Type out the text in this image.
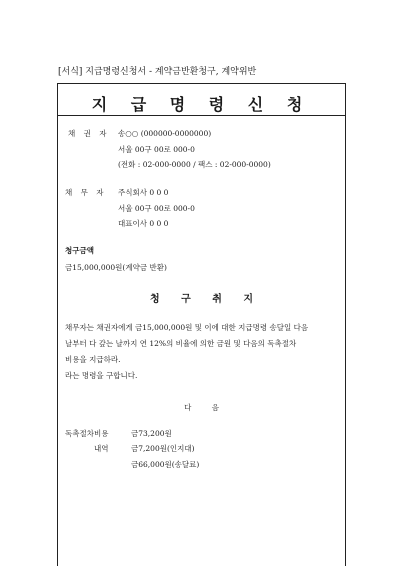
[서식] 지급명령신청서 - 계약금반환청구, 계약위반
지 급 명 령 신 청
채 권 자 송○○ (000000-0000000)
서울 00구 00로 000-0
(전화 : 02-000-0000 / 팩스 : 02-000-0000)
채 무 자 주식회사 0 0 0
서울 00구 00로 000-0
대표이사 0 0 0
청구금액
금15,000,000원(계약금 반환)
청 구 취 지
채무자는 채권자에게 금15,000,000원 및 이에 대한 지급명령 송달일 다음
날부터 다 갚는 날까지 연 12%의 비율에 의한 금원 및 다음의 독촉절차
비용을 지급하라.
라는 명령을 구합니다.
다 음
독촉절차비용	금73,200원
내역	금7,200원(인지대)
금66,000원(송달료)
